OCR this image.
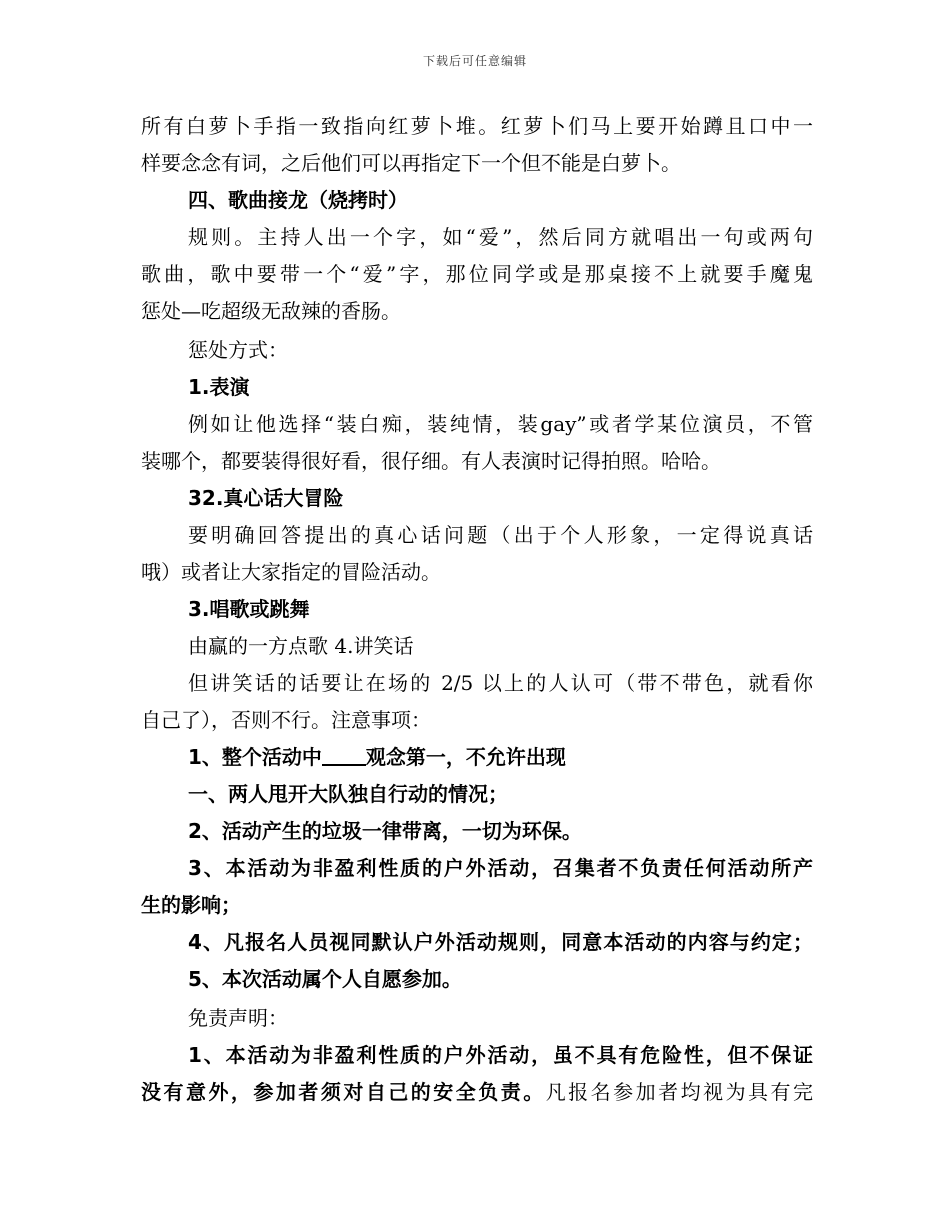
下载后可任意编辑
所有白萝卜手指一致指向红萝卜堆。红萝卜们马上要开始蹲且口中一
样要念念有词，之后他们可以再指定下一个但不能是白萝卜。
四、歌曲接龙（烧拷时）
规则。主持人出一个字，如“爱”，然后同方就唱出一句或两句
歌曲，歌中要带一个“爱”字，那位同学或是那桌接不上就要手魔鬼
惩处—吃超级无敌辣的香肠。
惩处方式：
1.表演
例如让他选择“装白痴，装纯情，装gay”或者学某位演员，不管
装哪个，都要装得很好看，很仔细。有人表演时记得拍照。哈哈。
32.真心话大冒险
要明确回答提出的真心话问题（出于个人形象，一定得说真话
哦）或者让大家指定的冒险活动。
3.唱歌或跳舞
由赢的一方点歌 4.讲笑话
但讲笑话的话要让在场的 2/5 以上的人认可（带不带色，就看你
自己了），否则不行。注意事项：
1、整个活动中 观念第一，不允许出现
一、两人甩开大队独自行动的情况；
2、活动产生的垃圾一律带离，一切为环保。
3、本活动为非盈利性质的户外活动，召集者不负责任何活动所产
生的影响；
4、凡报名人员视同默认户外活动规则，同意本活动的内容与约定；
5、本次活动属个人自愿参加。
免责声明：
1、本活动为非盈利性质的户外活动，虽不具有危险性，但不保证
没有意外，参加者须对自己的安全负责。凡报名参加者均视为具有完
